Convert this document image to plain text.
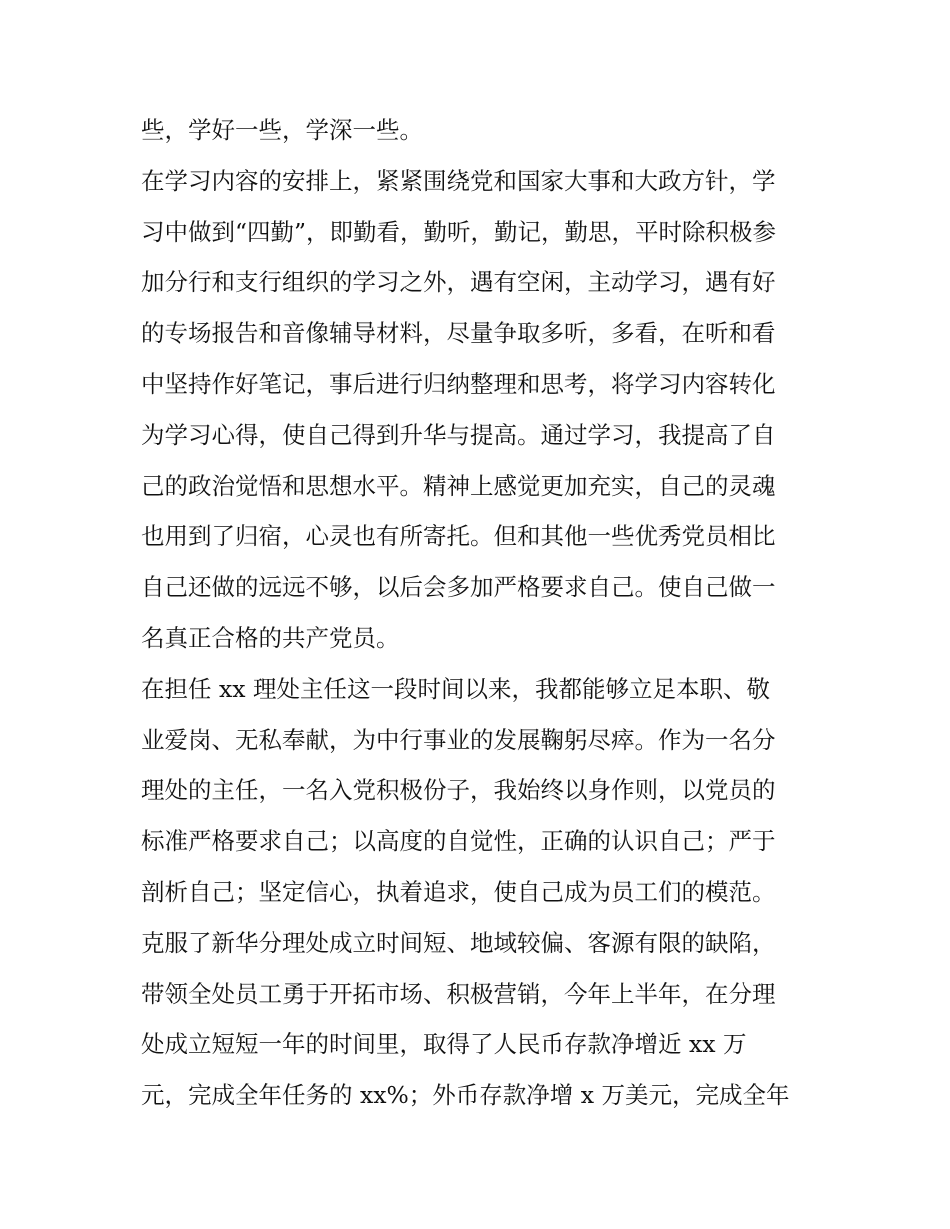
些，学好一些，学深一些。
在学习内容的安排上，紧紧围绕党和国家大事和大政方针，学
习中做到“四勤”，即勤看，勤听，勤记，勤思，平时除积极参
加分行和支行组织的学习之外，遇有空闲，主动学习，遇有好
的专场报告和音像辅导材料，尽量争取多听，多看，在听和看
中坚持作好笔记，事后进行归纳整理和思考，将学习内容转化
为学习心得，使自己得到升华与提高。通过学习，我提高了自
己的政治觉悟和思想水平。精神上感觉更加充实，自己的灵魂
也用到了归宿，心灵也有所寄托。但和其他一些优秀党员相比
自己还做的远远不够，以后会多加严格要求自己。使自己做一
名真正合格的共产党员。
在担任 xx 理处主任这一段时间以来，我都能够立足本职、敬
业爱岗、无私奉献，为中行事业的发展鞠躬尽瘁。作为一名分
理处的主任，一名入党积极份子，我始终以身作则，以党员的
标准严格要求自己；以高度的自觉性，正确的认识自己；严于
剖析自己；坚定信心，执着追求，使自己成为员工们的模范。
克服了新华分理处成立时间短、地域较偏、客源有限的缺陷，
带领全处员工勇于开拓市场、积极营销，今年上半年，在分理
处成立短短一年的时间里，取得了人民币存款净增近 xx 万
元，完成全年任务的 xx%；外币存款净增 x 万美元，完成全年
